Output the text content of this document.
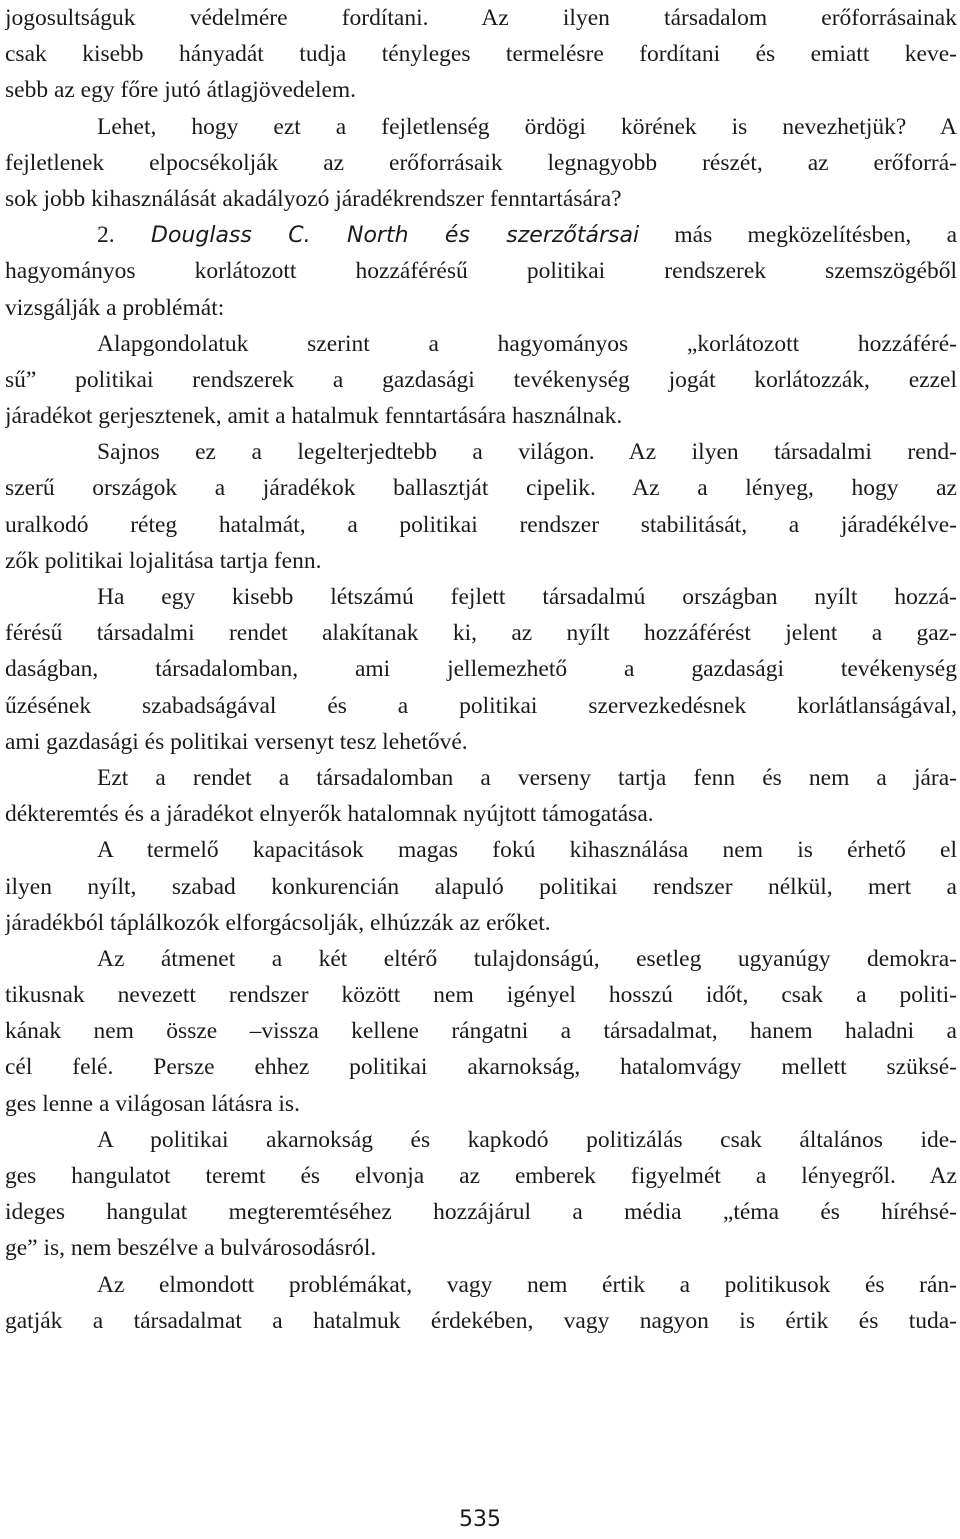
jogosultságuk védelmére fordítani. Az ilyen társadalom erőforrásainak
csak kisebb hányadát tudja tényleges termelésre fordítani és emiatt keve-
sebb az egy főre jutó átlagjövedelem.
Lehet, hogy ezt a fejletlenség ördögi körének is nevezhetjük? A
fejletlenek elpocsékolják az erőforrásaik legnagyobb részét, az erőforrá-
sok jobb kihasználását akadályozó járadékrendszer fenntartására?
2. Douglass C. North és szerzőtársai más megközelítésben, a
hagyományos korlátozott hozzáférésű politikai rendszerek szemszögéből
vizsgálják a problémát:
Alapgondolatuk szerint a hagyományos „korlátozott hozzáféré-
sű” politikai rendszerek a gazdasági tevékenység jogát korlátozzák, ezzel
járadékot gerjesztenek, amit a hatalmuk fenntartására használnak.
Sajnos ez a legelterjedtebb a világon. Az ilyen társadalmi rend-
szerű országok a járadékok ballasztját cipelik. Az a lényeg, hogy az
uralkodó réteg hatalmát, a politikai rendszer stabilitását, a járadékélve-
zők politikai lojalitása tartja fenn.
Ha egy kisebb létszámú fejlett társadalmú országban nyílt hozzá-
férésű társadalmi rendet alakítanak ki, az nyílt hozzáférést jelent a gaz-
daságban, társadalomban, ami jellemezhető a gazdasági tevékenység
űzésének szabadságával és a politikai szervezkedésnek korlátlanságával,
ami gazdasági és politikai versenyt tesz lehetővé.
Ezt a rendet a társadalomban a verseny tartja fenn és nem a jára-
dékteremtés és a járadékot elnyerők hatalomnak nyújtott támogatása.
A termelő kapacitások magas fokú kihasználása nem is érhető el
ilyen nyílt, szabad konkurencián alapuló politikai rendszer nélkül, mert a
járadékból táplálkozók elforgácsolják, elhúzzák az erőket.
Az átmenet a két eltérő tulajdonságú, esetleg ugyanúgy demokra-
tikusnak nevezett rendszer között nem igényel hosszú időt, csak a politi-
kának nem össze –vissza kellene rángatni a társadalmat, hanem haladni a
cél felé. Persze ehhez politikai akarnokság, hatalomvágy mellett szüksé-
ges lenne a világosan látásra is.
A politikai akarnokság és kapkodó politizálás csak általános ide-
ges hangulatot teremt és elvonja az emberek figyelmét a lényegről. Az
ideges hangulat megteremtéséhez hozzájárul a média „téma és híréhsé-
ge” is, nem beszélve a bulvárosodásról.
Az elmondott problémákat, vagy nem értik a politikusok és rán-
gatják a társadalmat a hatalmuk érdekében, vagy nagyon is értik és tuda-
535
